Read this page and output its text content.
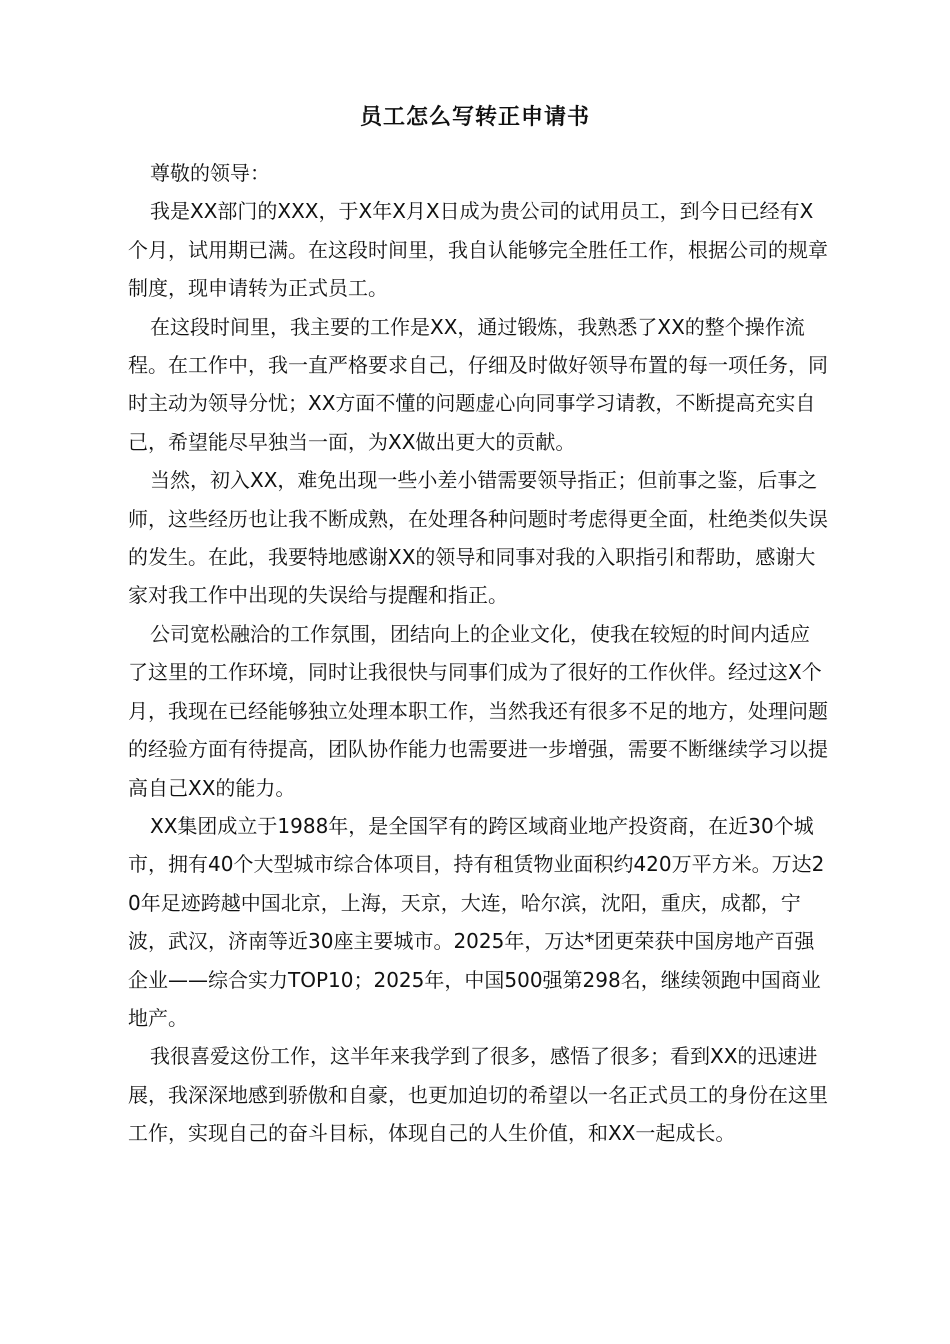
员工怎么写转正申请书

尊敬的领导：

我是XX部门的XXX，于X年X月X日成为贵公司的试用员工，到今日已经有X个月，试用期已满。在这段时间里，我自认能够完全胜任工作，根据公司的规章制度，现申请转为正式员工。

在这段时间里，我主要的工作是XX，通过锻炼，我熟悉了XX的整个操作流程。在工作中，我一直严格要求自己，仔细及时做好领导布置的每一项任务，同时主动为领导分忧；XX方面不懂的问题虚心向同事学习请教，不断提高充实自己，希望能尽早独当一面，为XX做出更大的贡献。

当然，初入XX，难免出现一些小差小错需要领导指正；但前事之鉴，后事之师，这些经历也让我不断成熟，在处理各种问题时考虑得更全面，杜绝类似失误的发生。在此，我要特地感谢XX的领导和同事对我的入职指引和帮助，感谢大家对我工作中出现的失误给与提醒和指正。

公司宽松融洽的工作氛围，团结向上的企业文化，使我在较短的时间内适应了这里的工作环境，同时让我很快与同事们成为了很好的工作伙伴。经过这X个月，我现在已经能够独立处理本职工作，当然我还有很多不足的地方，处理问题的经验方面有待提高，团队协作能力也需要进一步增强，需要不断继续学习以提高自己XX的能力。

XX集团成立于1988年，是全国罕有的跨区域商业地产投资商，在近30个城市，拥有40个大型城市综合体项目，持有租赁物业面积约420万平方米。万达20年足迹跨越中国北京，上海，天京，大连，哈尔滨，沈阳，重庆，成都，宁波，武汉，济南等近30座主要城市。2025年，万达*团更荣获中国房地产百强企业——综合实力TOP10；2025年，中国500强第298名，继续领跑中国商业地产。

我很喜爱这份工作，这半年来我学到了很多，感悟了很多；看到XX的迅速进展，我深深地感到骄傲和自豪，也更加迫切的希望以一名正式员工的身份在这里工作，实现自己的奋斗目标，体现自己的人生价值，和XX一起成长。
